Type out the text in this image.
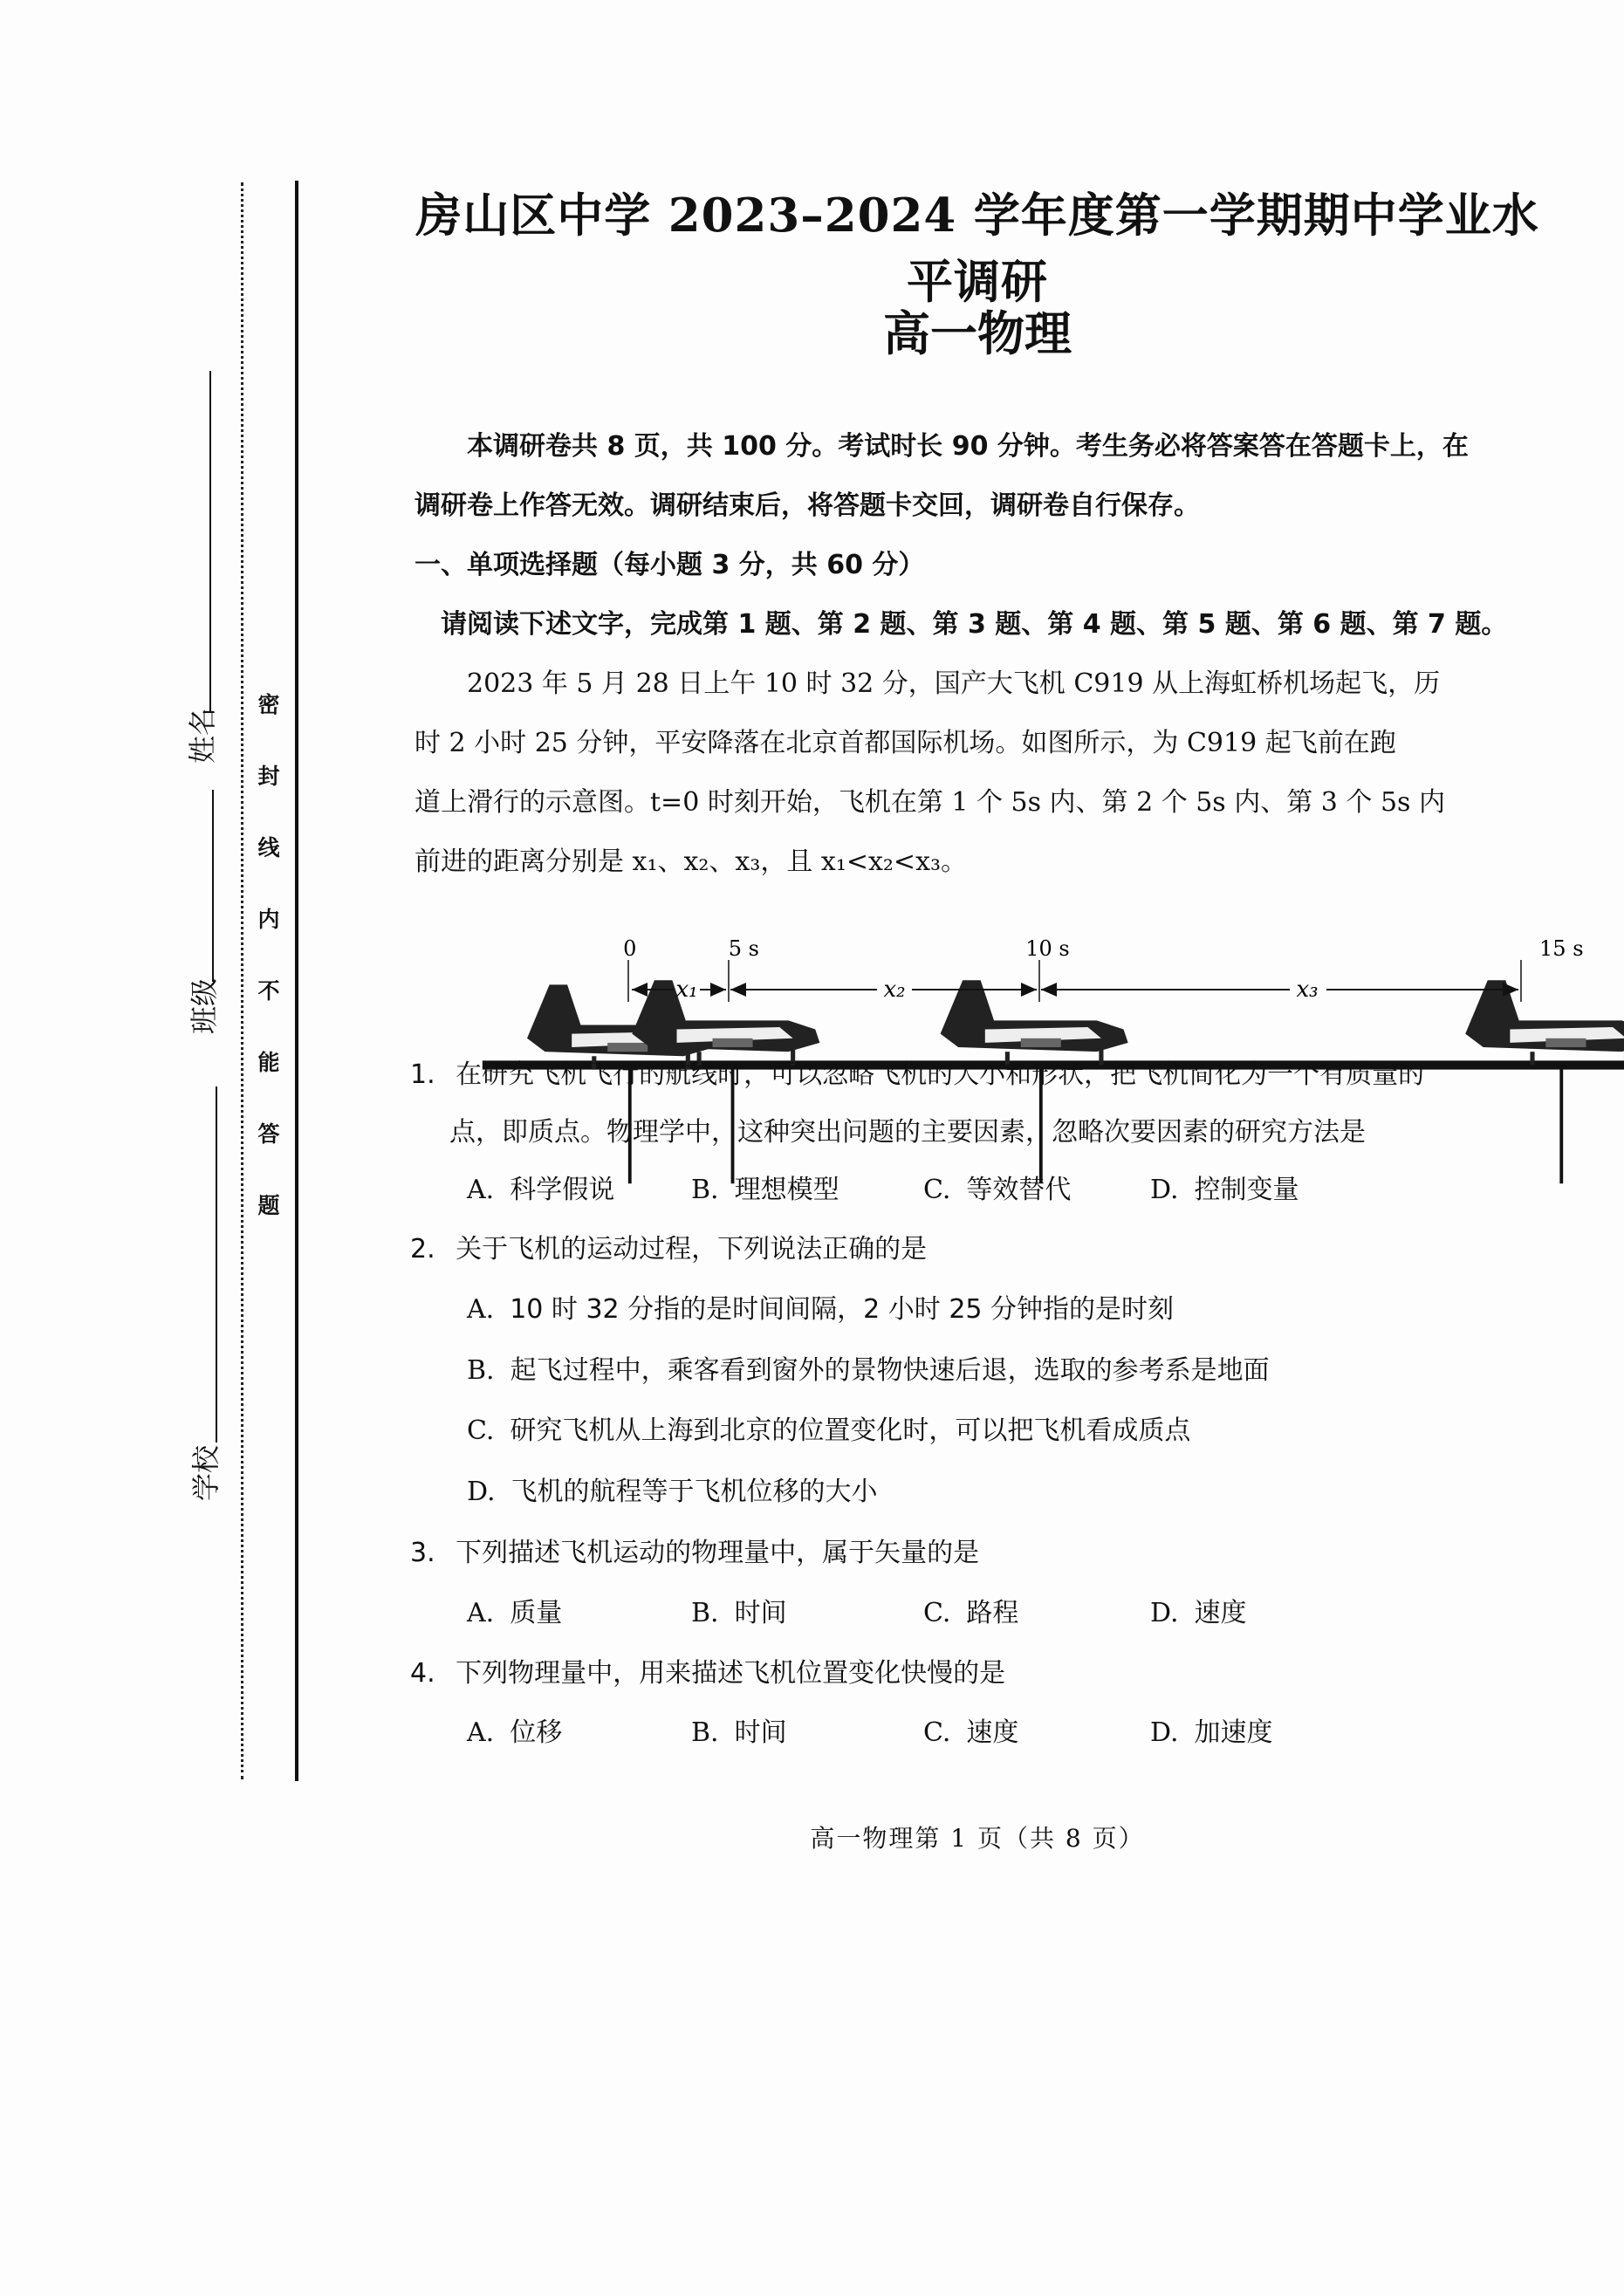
姓名
班级
学校
密
封
线
内
不
能
答
题
房山区中学 2023–2024 学年度第一学期期中学业水平调研
高一物理
本调研卷共 8 页，共 100 分。考试时长 90 分钟。考生务必将答案答在答题卡上，在
调研卷上作答无效。调研结束后，将答题卡交回，调研卷自行保存。
一、单项选择题（每小题 3 分，共 60 分）
请阅读下述文字，完成第 1 题、第 2 题、第 3 题、第 4 题、第 5 题、第 6 题、第 7 题。
2023 年 5 月 28 日上午 10 时 32 分，国产大飞机 C919 从上海虹桥机场起飞，历
时 2 小时 25 分钟，平安降落在北京首都国际机场。如图所示，为 C919 起飞前在跑
道上滑行的示意图。t=0 时刻开始，飞机在第 1 个 5s 内、第 2 个 5s 内、第 3 个 5s 内
前进的距离分别是 x₁、x₂、x₃，且 x₁<x₂<x₃。
0	5 s	10 s	15 s
x₁	x₂	x₃
1. 在研究飞机飞行的航线时，可以忽略飞机的大小和形状，把飞机简化为一个有质量的
点，即质点。物理学中，这种突出问题的主要因素，忽略次要因素的研究方法是
A. 科学假说	B. 理想模型	C. 等效替代	D. 控制变量
2. 关于飞机的运动过程，下列说法正确的是
A. 10 时 32 分指的是时间间隔，2 小时 25 分钟指的是时刻
B. 起飞过程中，乘客看到窗外的景物快速后退，选取的参考系是地面
C. 研究飞机从上海到北京的位置变化时，可以把飞机看成质点
D. 飞机的航程等于飞机位移的大小
3. 下列描述飞机运动的物理量中，属于矢量的是
A. 质量	B. 时间	C. 路程	D. 速度
4. 下列物理量中，用来描述飞机位置变化快慢的是
A. 位移	B. 时间	C. 速度	D. 加速度
高一物理第 1 页（共 8 页）
